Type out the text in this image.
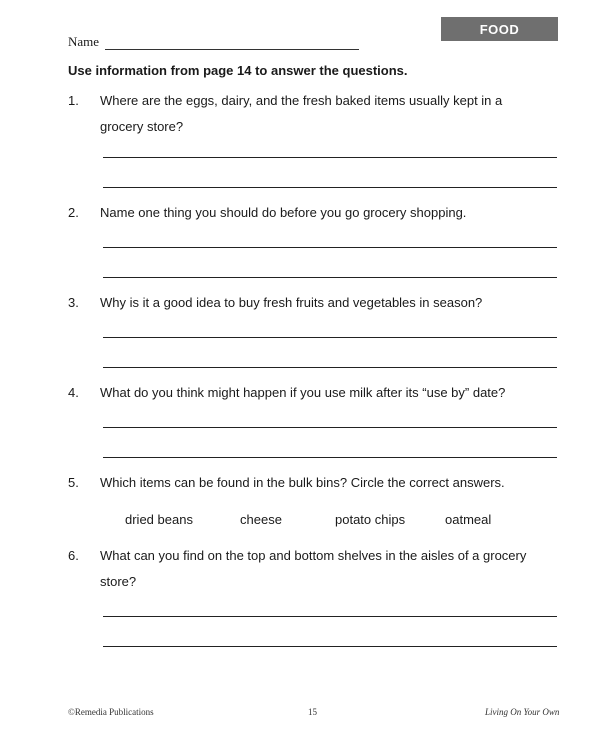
FOOD
Name
Use information from page 14 to answer the questions.
1.	Where are the eggs, dairy, and the fresh baked items usually kept in a grocery store?
2.	Name one thing you should do before you go grocery shopping.
3.	Why is it a good idea to buy fresh fruits and vegetables in season?
4.	What do you think might happen if you use milk after its “use by” date?
5.	Which items can be found in the bulk bins? Circle the correct answers.
dried beans	cheese	potato chips	oatmeal
6.	What can you find on the top and bottom shelves in the aisles of a grocery store?
©Remedia Publications	15	Living On Your Own
